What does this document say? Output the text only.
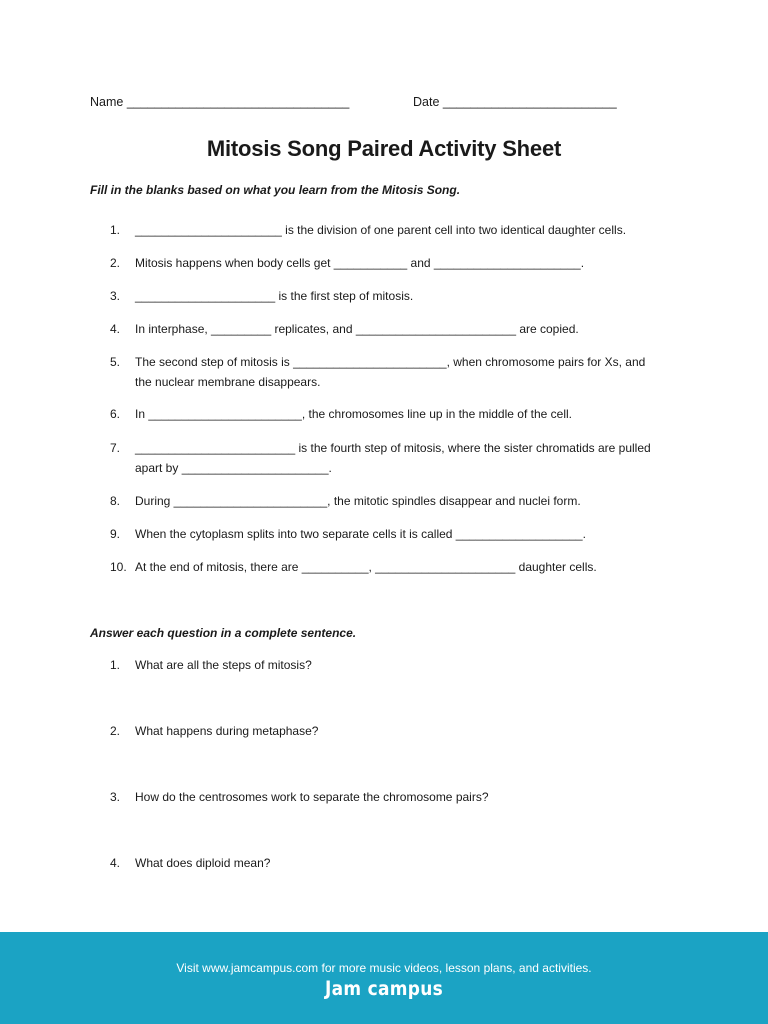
Name ________________________________	Date _________________________
Mitosis Song Paired Activity Sheet
Fill in the blanks based on what you learn from the Mitosis Song.
1.	______________________ is the division of one parent cell into two identical daughter cells.
2.	Mitosis happens when body cells get ___________ and ______________________.
3.	_____________________ is the first step of mitosis.
4.	In interphase, _________ replicates, and ________________________ are copied.
5.	The second step of mitosis is _______________________, when chromosome pairs for Xs, and the nuclear membrane disappears.
6.	In _______________________, the chromosomes line up in the middle of the cell.
7.	________________________ is the fourth step of mitosis, where the sister chromatids are pulled apart by ______________________.
8.	During _______________________, the mitotic spindles disappear and nuclei form.
9.	When the cytoplasm splits into two separate cells it is called ___________________.
10. At the end of mitosis, there are __________, _____________________ daughter cells.
Answer each question in a complete sentence.
1.	What are all the steps of mitosis?
2.	What happens during metaphase?
3.	How do the centrosomes work to separate the chromosome pairs?
4.	What does diploid mean?
Visit www.jamcampus.com for more music videos, lesson plans, and activities.
Jam campus
